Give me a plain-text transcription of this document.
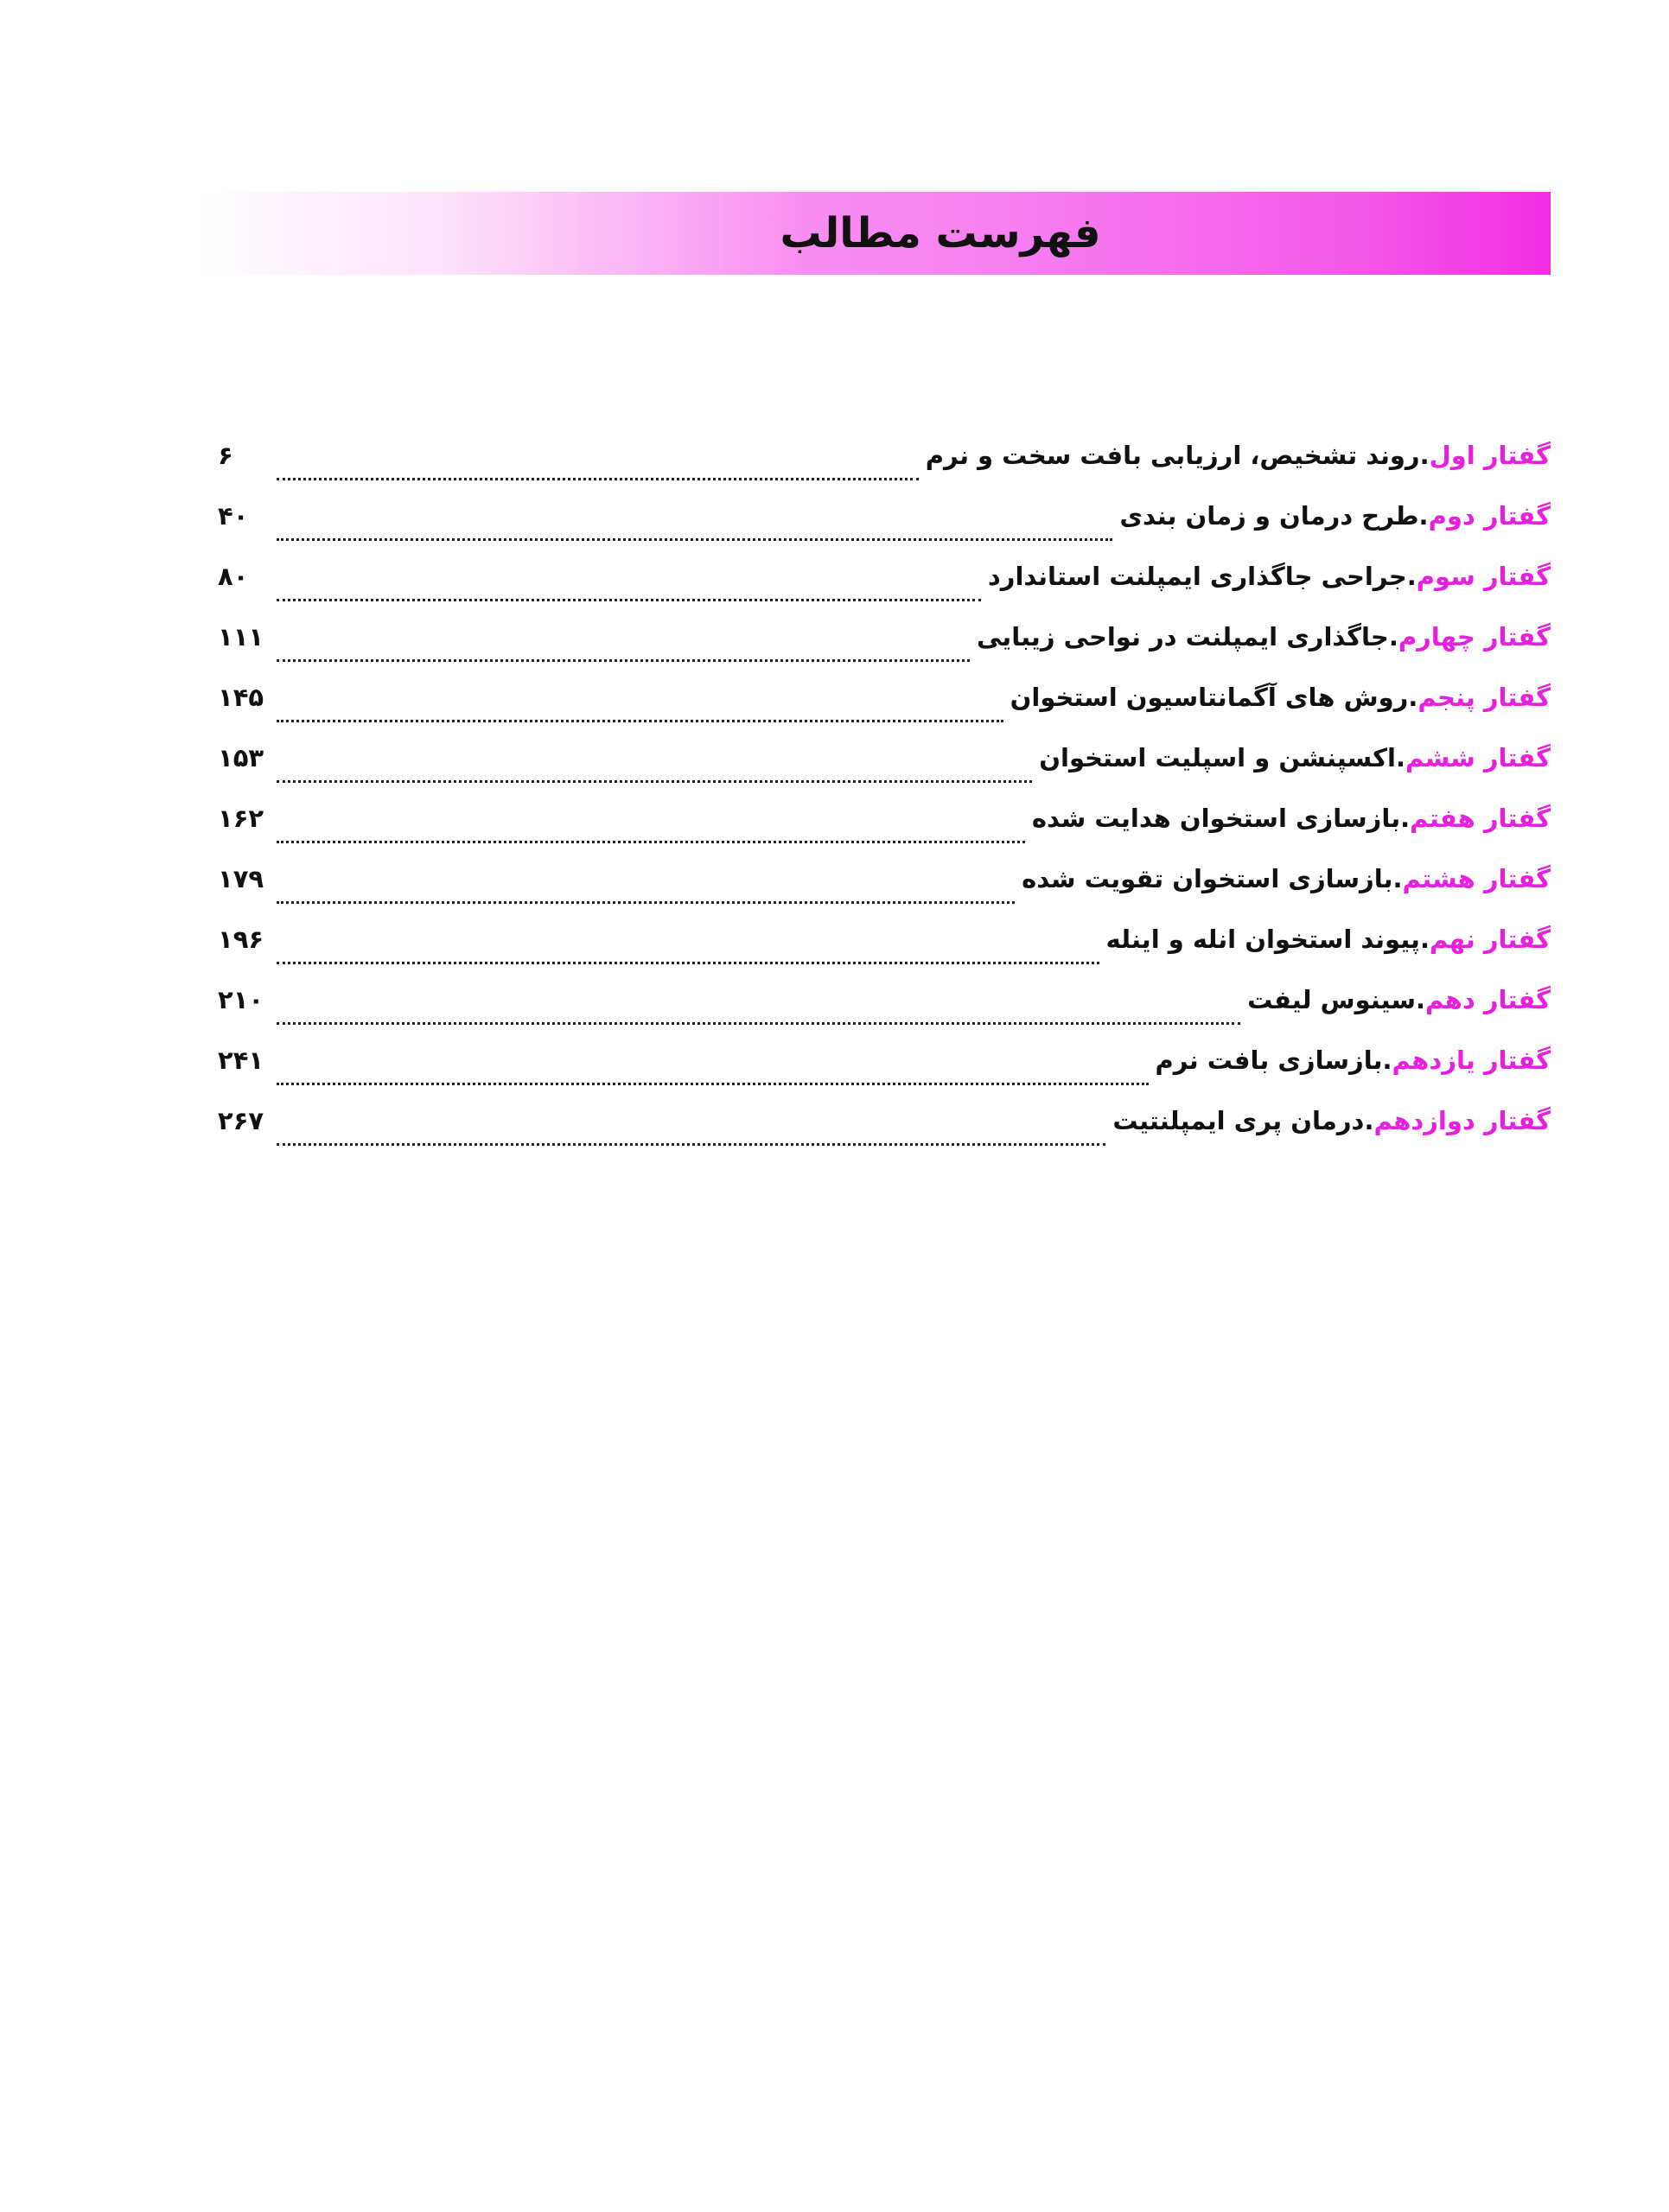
فهرست مطالب
گفتار اول
.
روند تشخیص، ارزیابی بافت سخت و نرم
۶
گفتار دوم
.
طرح درمان و زمان بندی
۴۰
گفتار سوم
.
جراحی جاگذاری ایمپلنت استاندارد
۸۰
گفتار چهارم
.
جاگذاری ایمپلنت در نواحی زیبایی
۱۱۱
گفتار پنجم
.
روش های آگمانتاسیون استخوان
۱۴۵
گفتار ششم
.
اکسپنشن و اسپلیت استخوان
۱۵۳
گفتار هفتم
.
بازسازی استخوان هدایت شده
۱۶۲
گفتار هشتم
.
بازسازی استخوان تقویت شده
۱۷۹
گفتار نهم
.
پیوند استخوان انله و اینله
۱۹۶
گفتار دهم
.
سینوس لیفت
۲۱۰
گفتار یازدهم
.
بازسازی بافت نرم
۲۴۱
گفتار دوازدهم
.
درمان پری ایمپلنتیت
۲۶۷
